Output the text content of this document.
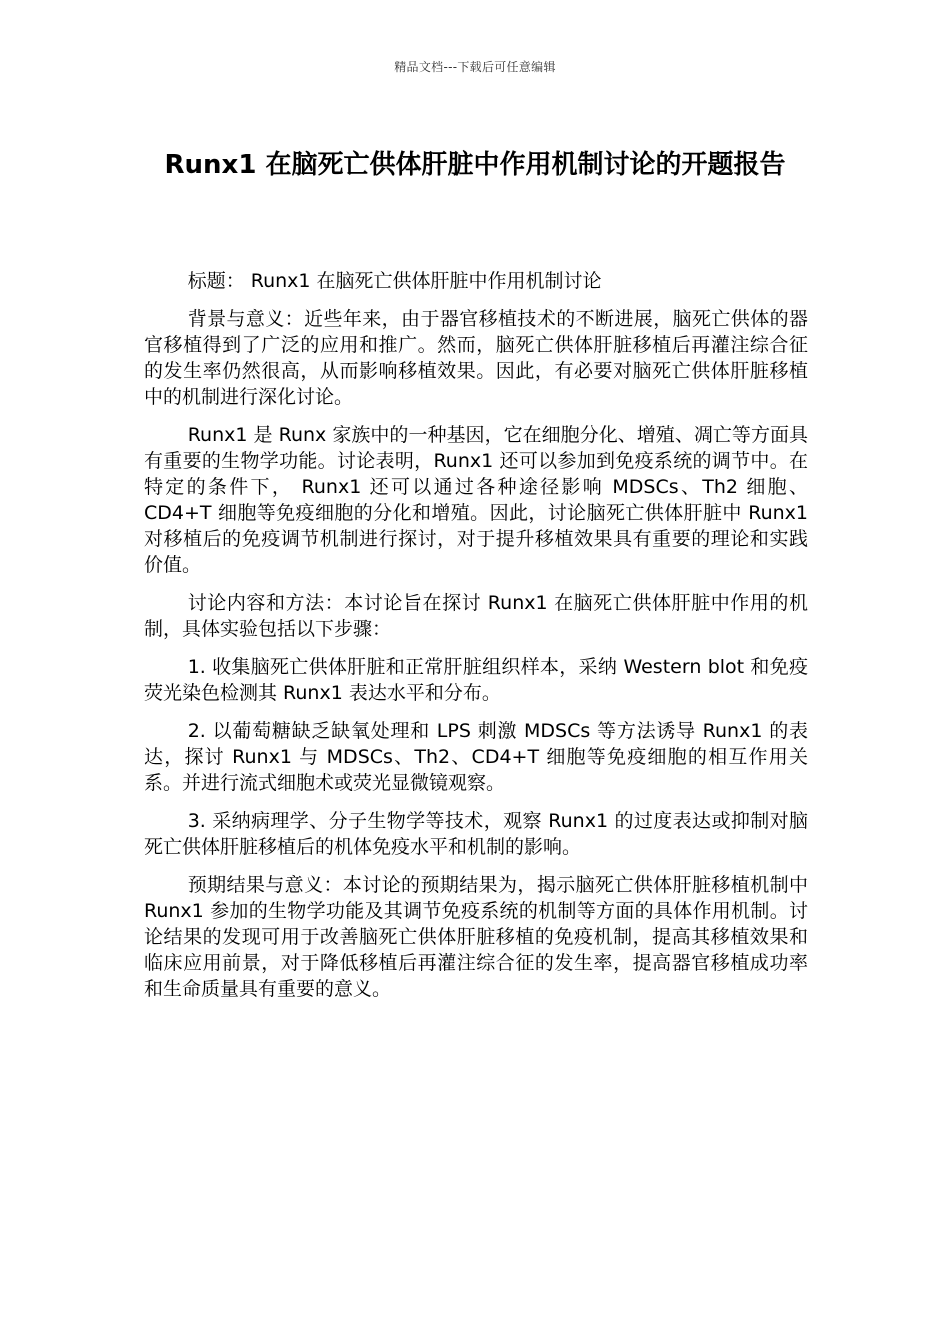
精品文档---下载后可任意编辑
Runx1 在脑死亡供体肝脏中作用机制讨论的开题报告

标题： Runx1 在脑死亡供体肝脏中作用机制讨论

背景与意义：近些年来，由于器官移植技术的不断进展，脑死亡供体的器官移植得到了广泛的应用和推广。然而，脑死亡供体肝脏移植后再灌注综合征的发生率仍然很高，从而影响移植效果。因此，有必要对脑死亡供体肝脏移植中的机制进行深化讨论。

Runx1 是 Runx 家族中的一种基因，它在细胞分化、增殖、凋亡等方面具有重要的生物学功能。讨论表明，Runx1 还可以参加到免疫系统的调节中。在特定的条件下， Runx1 还可以通过各种途径影响 MDSCs、Th2 细胞、CD4+T 细胞等免疫细胞的分化和增殖。因此，讨论脑死亡供体肝脏中 Runx1 对移植后的免疫调节机制进行探讨，对于提升移植效果具有重要的理论和实践价值。

讨论内容和方法：本讨论旨在探讨 Runx1 在脑死亡供体肝脏中作用的机制，具体实验包括以下步骤：

1. 收集脑死亡供体肝脏和正常肝脏组织样本，采纳 Western blot 和免疫荧光染色检测其 Runx1 表达水平和分布。

2. 以葡萄糖缺乏缺氧处理和 LPS 刺激 MDSCs 等方法诱导 Runx1 的表达，探讨 Runx1 与 MDSCs、Th2、CD4+T 细胞等免疫细胞的相互作用关系。并进行流式细胞术或荧光显微镜观察。

3. 采纳病理学、分子生物学等技术，观察 Runx1 的过度表达或抑制对脑死亡供体肝脏移植后的机体免疫水平和机制的影响。

预期结果与意义：本讨论的预期结果为，揭示脑死亡供体肝脏移植机制中 Runx1 参加的生物学功能及其调节免疫系统的机制等方面的具体作用机制。讨论结果的发现可用于改善脑死亡供体肝脏移植的免疫机制，提高其移植效果和临床应用前景，对于降低移植后再灌注综合征的发生率，提高器官移植成功率和生命质量具有重要的意义。
